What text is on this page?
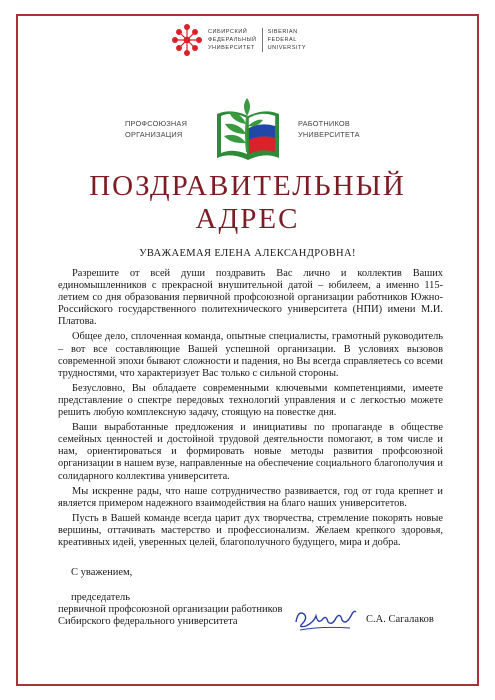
СИБИРСКИЙ
ФЕДЕРАЛЬНЫЙ
УНИВЕРСИТЕТ
SIBERIAN
FEDERAL
UNIVERSITY
ПРОФСОЮЗНАЯ
ОРГАНИЗАЦИЯ
РАБОТНИКОВ
УНИВЕРСИТЕТА
ПОЗДРАВИТЕЛЬНЫЙ
АДРЕС
УВАЖАЕМАЯ ЕЛЕНА АЛЕКСАНДРОВНА!

Разрешите от всей души поздравить Вас лично и коллектив Ваших единомышленников с прекрасной внушительной датой – юбилеем, а именно 115-летием со дня образования первичной профсоюзной организации работников Южно-Российского государственного политехнического университета (НПИ) имени М.И. Платова.

Общее дело, сплоченная команда, опытные специалисты, грамотный руководитель – вот все составляющие Вашей успешной организации. В условиях вызовов современной эпохи бывают сложности и падения, но Вы всегда справляетесь со всеми трудностями, что характеризует Вас только с сильной стороны.

Безусловно, Вы обладаете современными ключевыми компетенциями, имеете представление о спектре передовых технологий управления и с легкостью можете решить любую комплексную задачу, стоящую на повестке дня.

Ваши выработанные предложения и инициативы по пропаганде в обществе семейных ценностей и достойной трудовой деятельности помогают, в том числе и нам, ориентироваться и формировать новые методы развития профсоюзной организации в нашем вузе, направленные на обеспечение социального благополучия и солидарного коллектива университета.

Мы искренне рады, что наше сотрудничество развивается, год от года крепнет и является примером надежного взаимодействия на благо наших университетов.

Пусть в Вашей команде всегда царит дух творчества, стремление покорять новые вершины, оттачивать мастерство и профессионализм. Желаем крепкого здоровья, креативных идей, уверенных целей, благополучного будущего, мира и добра.

С уважением,
председатель
первичной профсоюзной организации работников
Сибирского федерального университета	С.А. Сагалаков
